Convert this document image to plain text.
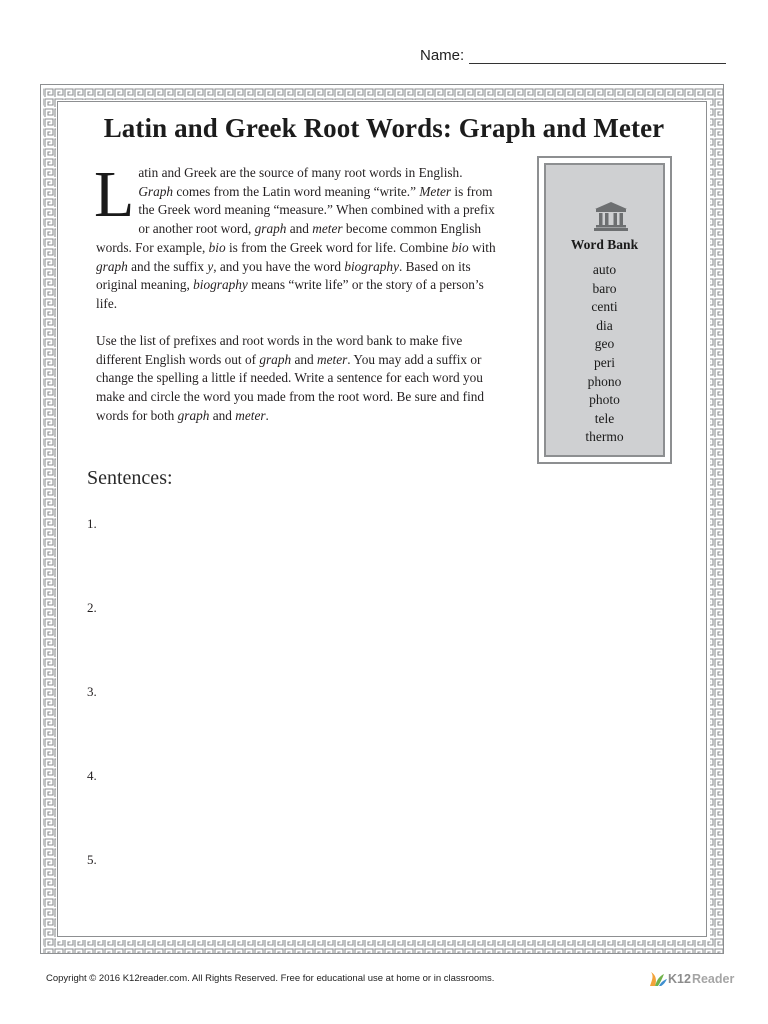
Name:
Latin and Greek Root Words: Graph and Meter
L atin and Greek are the source of many root words in English. Graph comes from the Latin word meaning “write.” Meter is from the Greek word meaning “measure.” When combined with a prefix or another root word, graph and meter become common English words. For example, bio is from the Greek word for life. Combine bio with graph and the suffix y, and you have the word biography. Based on its original meaning, biography means “write life” or the story of a person’s life.
Use the list of prefixes and root words in the word bank to make five different English words out of graph and meter. You may add a suffix or change the spelling a little if needed. Write a sentence for each word you make and circle the word you made from the root word. Be sure and find words for both graph and meter.
Word Bank
auto
baro
centi
dia
geo
peri
phono
photo
tele
thermo
Sentences:
1.
2.
3.
4.
5.
Copyright © 2016 K12reader.com. All Rights Reserved. Free for educational use at home or in classrooms.	K12 Reader
